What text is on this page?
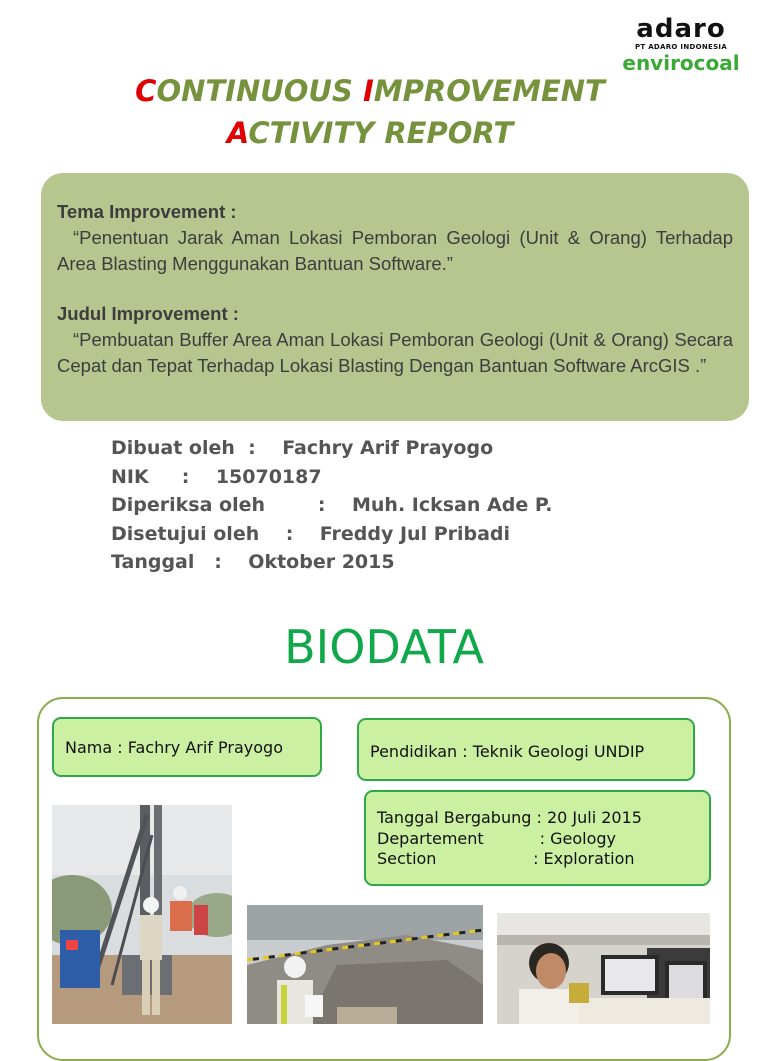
adaro
PT ADARO INDONESIA
envirocoal
CONTINUOUS IMPROVEMENT
ACTIVITY REPORT
Tema Improvement :
“Penentuan Jarak Aman Lokasi Pemboran Geologi (Unit & Orang) Terhadap Area Blasting Menggunakan Bantuan Software.”
Judul Improvement :
“Pembuatan Buffer Area Aman Lokasi Pemboran Geologi (Unit & Orang) Secara Cepat dan Tepat Terhadap Lokasi Blasting Dengan Bantuan Software ArcGIS .”
Dibuat oleh  :    Fachry Arif Prayogo
NIK     :    15070187
Diperiksa oleh        :    Muh. Icksan Ade P.
Disetujui oleh    :    Freddy Jul Pribadi
Tanggal   :    Oktober 2015
BIODATA
Nama : Fachry Arif Prayogo	Pendidikan : Teknik Geologi UNDIP
Tanggal Bergabung : 20 Juli 2015
Departement           : Geology
Section                   : Exploration
